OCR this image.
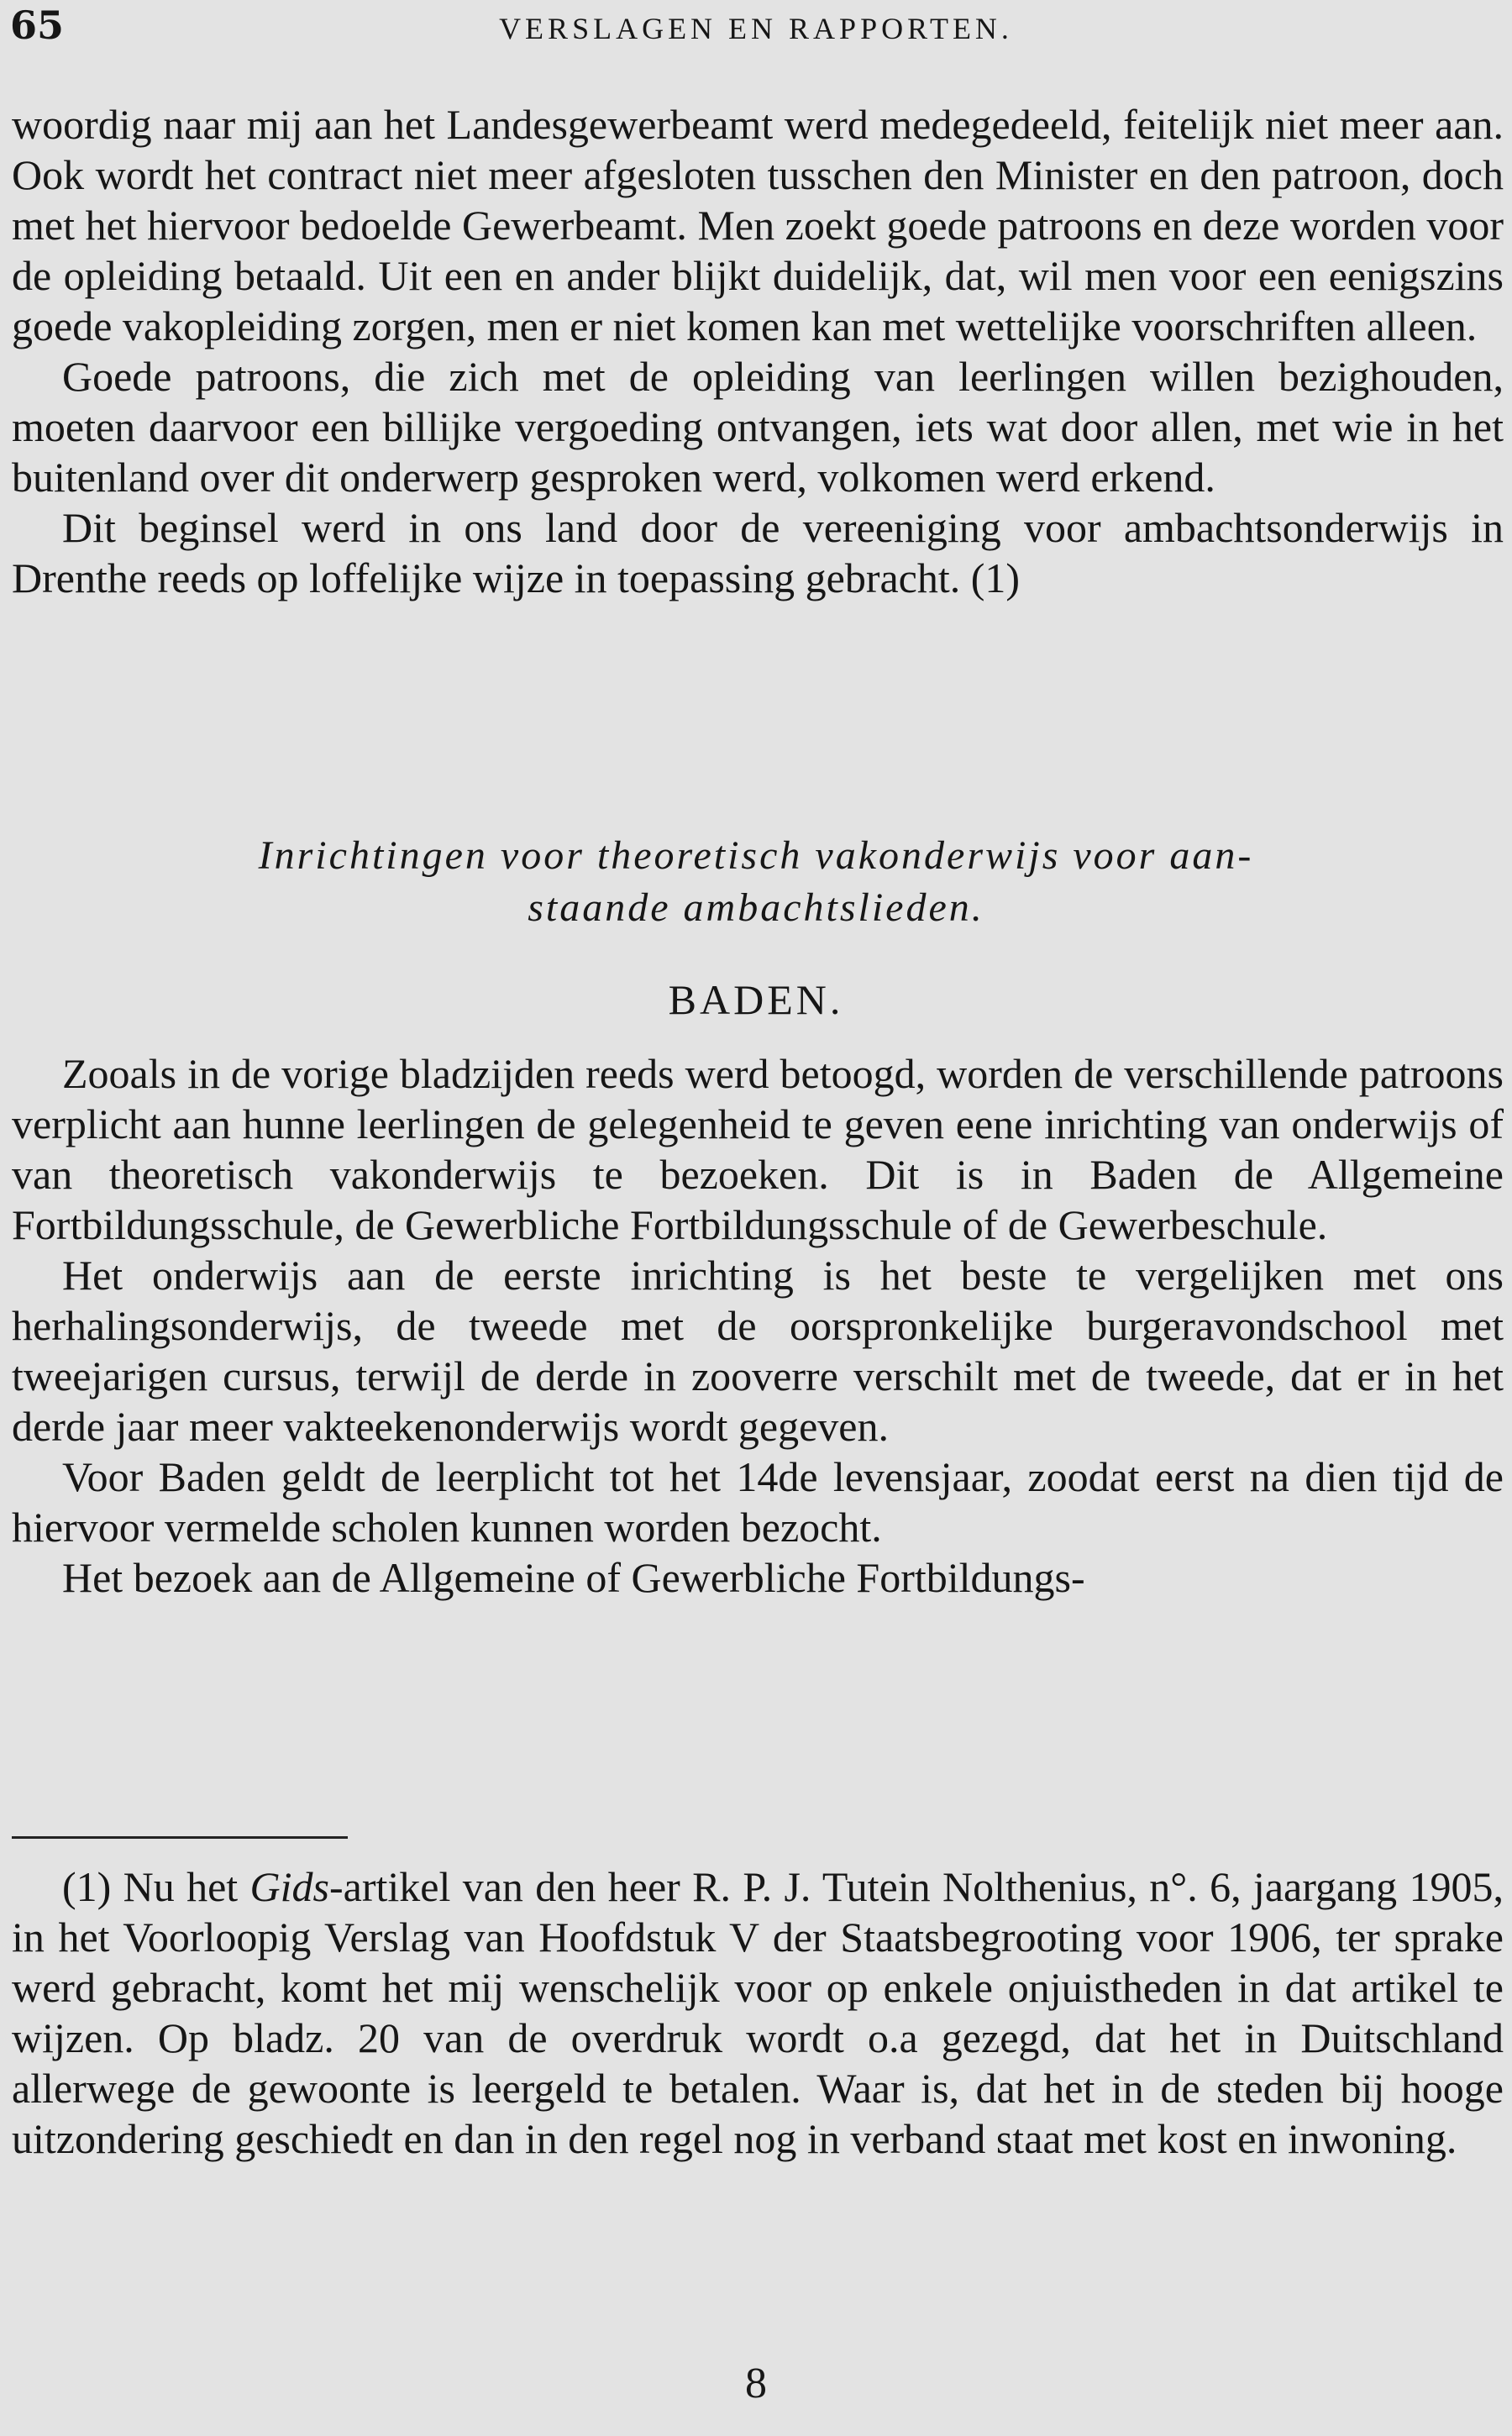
65	VERSLAGEN EN RAPPORTEN.

woordig naar mij aan het Landesgewerbeamt werd medegedeeld, feitelijk niet meer aan. Ook wordt het contract niet meer afgesloten tusschen den Minister en den patroon, doch met het hiervoor bedoelde Gewerbeamt. Men zoekt goede patroons en deze worden voor de opleiding betaald. Uit een en ander blijkt duidelijk, dat, wil men voor een eenigszins goede vakopleiding zorgen, men er niet komen kan met wettelijke voorschriften alleen.

Goede patroons, die zich met de opleiding van leerlingen willen bezighouden, moeten daarvoor een billijke vergoeding ontvangen, iets wat door allen, met wie in het buitenland over dit onderwerp gesproken werd, volkomen werd erkend.

Dit beginsel werd in ons land door de vereeniging voor ambachtsonderwijs in Drenthe reeds op loffelijke wijze in toepassing gebracht. (1)

Inrichtingen voor theoretisch vakonderwijs voor aan-
staande ambachtslieden.
BADEN.

Zooals in de vorige bladzijden reeds werd betoogd, worden de verschillende patroons verplicht aan hunne leerlingen de gelegenheid te geven eene inrichting van onderwijs of van theoretisch vakonderwijs te bezoeken. Dit is in Baden de Allgemeine Fortbildungsschule, de Gewerbliche Fortbildungsschule of de Gewerbeschule.

Het onderwijs aan de eerste inrichting is het beste te vergelijken met ons herhalingsonderwijs, de tweede met de oorspronkelijke burgeravondschool met tweejarigen cursus, terwijl de derde in zooverre verschilt met de tweede, dat er in het derde jaar meer vakteekenonderwijs wordt gegeven.

Voor Baden geldt de leerplicht tot het 14de levensjaar, zoodat eerst na dien tijd de hiervoor vermelde scholen kunnen worden bezocht.

Het bezoek aan de Allgemeine of Gewerbliche Fortbildungs-

(1) Nu het Gids-artikel van den heer R. P. J. Tutein Nolthenius, n°. 6, jaargang 1905, in het Voorloopig Verslag van Hoofdstuk V der Staatsbegrooting voor 1906, ter sprake werd gebracht, komt het mij wenschelijk voor op enkele onjuistheden in dat artikel te wijzen. Op bladz. 20 van de overdruk wordt o.a gezegd, dat het in Duitschland allerwege de gewoonte is leergeld te betalen. Waar is, dat het in de steden bij hooge uitzondering geschiedt en dan in den regel nog in verband staat met kost en inwoning.

8
